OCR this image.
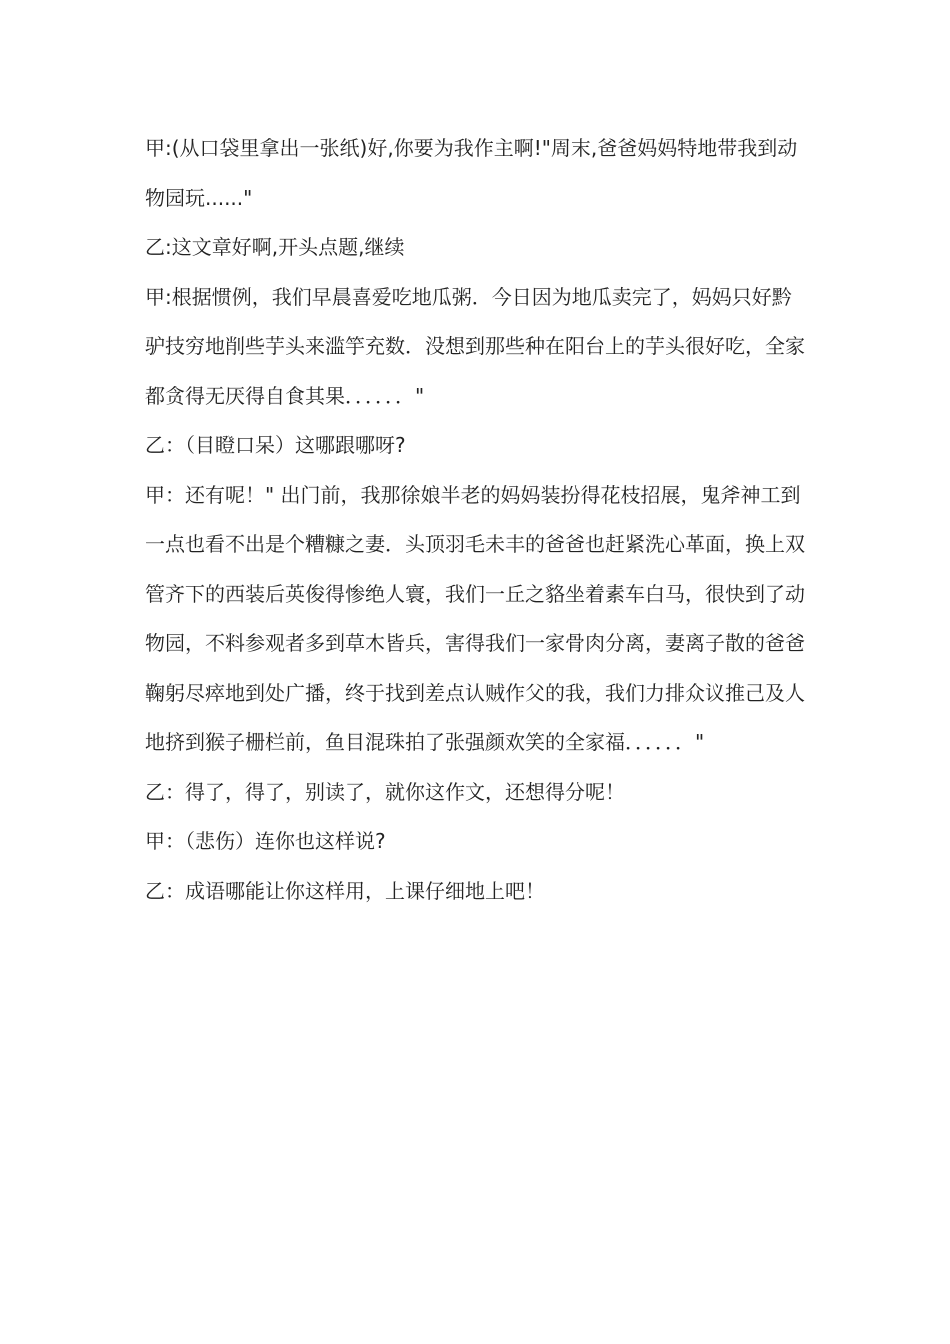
甲:(从口袋里拿出一张纸)好,你要为我作主啊!"周末,爸爸妈妈特地带我到动物园玩......"

乙:这文章好啊,开头点题,继续

甲:根据惯例，我们早晨喜爱吃地瓜粥．今日因为地瓜卖完了，妈妈只好黔驴技穷地削些芋头来滥竽充数．没想到那些种在阳台上的芋头很好吃，全家都贪得无厌得自食其果．．．．．．"

乙：（目瞪口呆）这哪跟哪呀?

甲：还有呢！" 出门前，我那徐娘半老的妈妈装扮得花枝招展，鬼斧神工到一点也看不出是个糟糠之妻．头顶羽毛未丰的爸爸也赶紧洗心革面，换上双管齐下的西装后英俊得惨绝人寰，我们一丘之貉坐着素车白马，很快到了动物园，不料参观者多到草木皆兵，害得我们一家骨肉分离，妻离子散的爸爸鞠躬尽瘁地到处广播，终于找到差点认贼作父的我，我们力排众议推己及人地挤到猴子栅栏前，鱼目混珠拍了张强颜欢笑的全家福．．．．．．"

乙：得了，得了，别读了，就你这作文，还想得分呢！

甲：（悲伤）连你也这样说?

乙：成语哪能让你这样用，上课仔细地上吧！
